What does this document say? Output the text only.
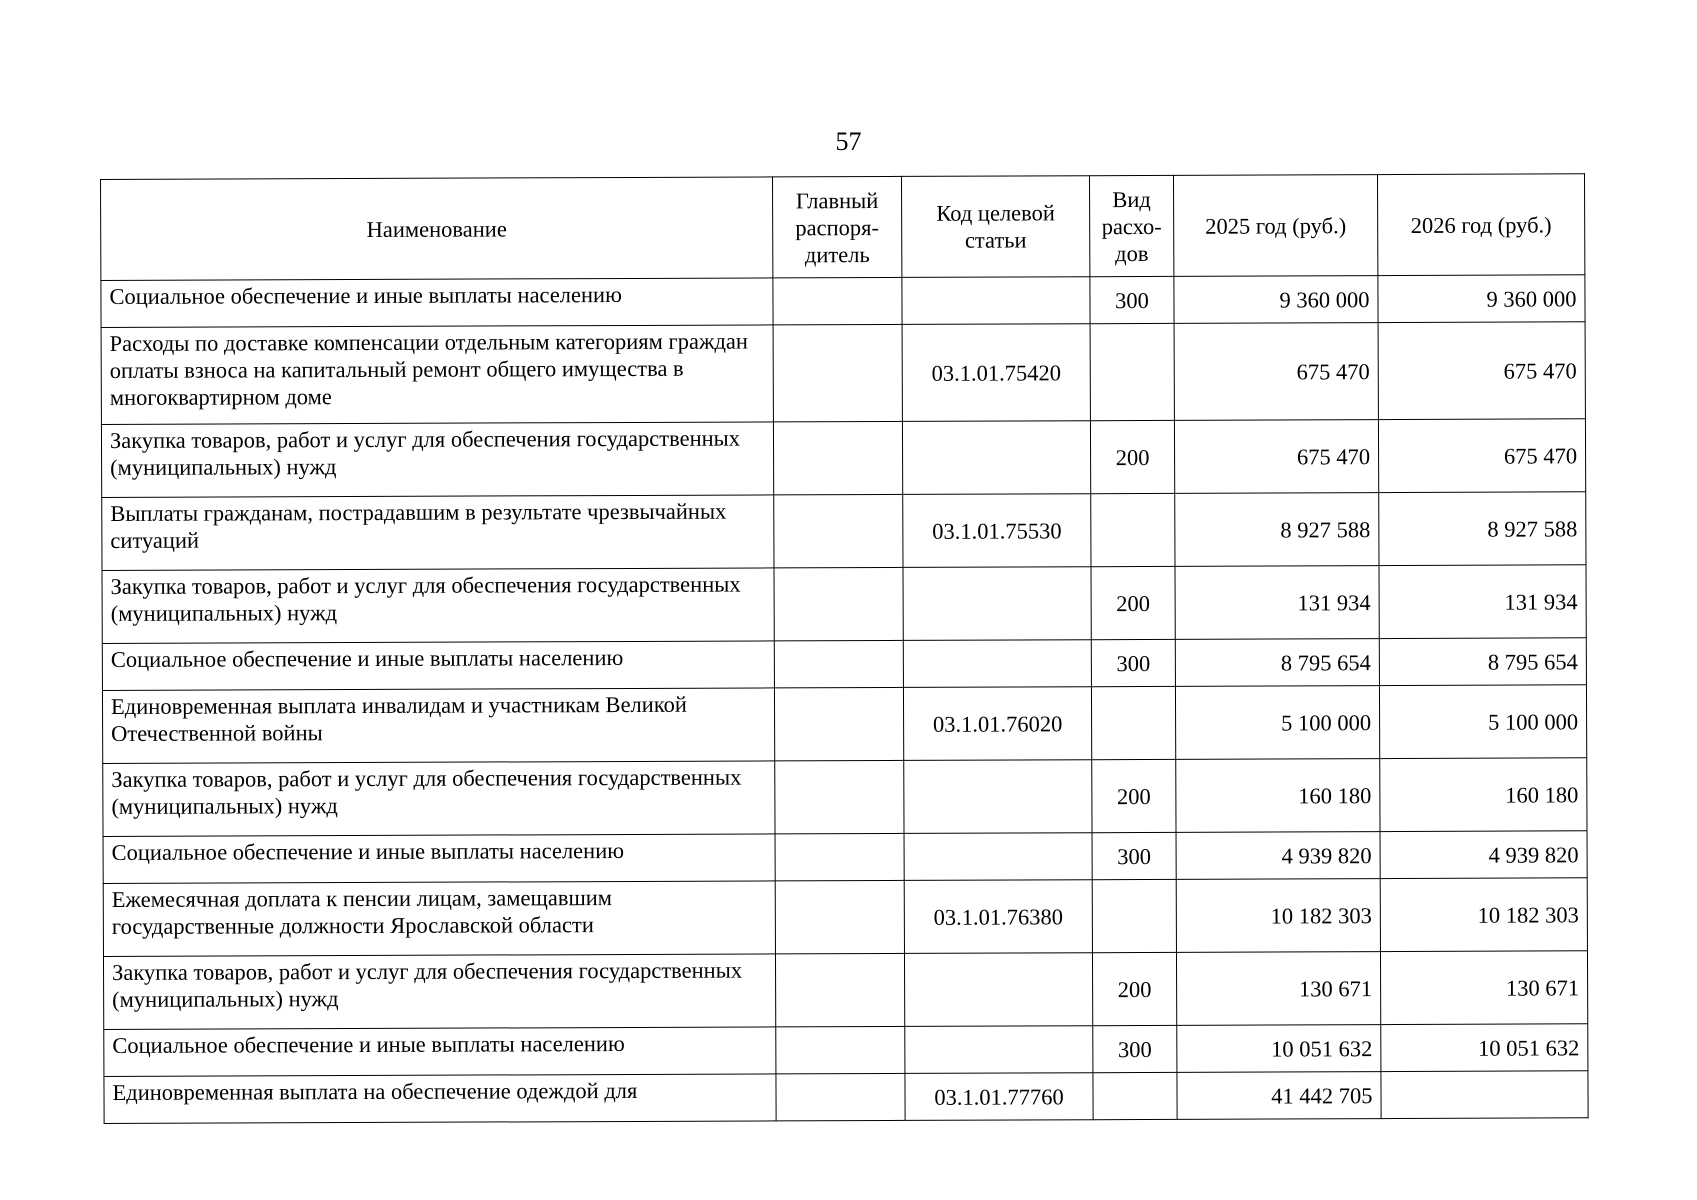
57
Наименование	Главный распоря-дитель	Код целевой статьи	Вид расхо-дов	2025 год (руб.)	2026 год (руб.)
Социальное обеспечение и иные выплаты населению			300	9 360 000	9 360 000
Расходы по доставке компенсации отдельным категориям граждан оплаты взноса на капитальный ремонт общего имущества в многоквартирном доме		03.1.01.75420		675 470	675 470
Закупка товаров, работ и услуг для обеспечения государственных (муниципальных) нужд			200	675 470	675 470
Выплаты гражданам, пострадавшим в результате чрезвычайных ситуаций		03.1.01.75530		8 927 588	8 927 588
Закупка товаров, работ и услуг для обеспечения государственных (муниципальных) нужд			200	131 934	131 934
Социальное обеспечение и иные выплаты населению			300	8 795 654	8 795 654
Единовременная выплата инвалидам и участникам Великой Отечественной войны		03.1.01.76020		5 100 000	5 100 000
Закупка товаров, работ и услуг для обеспечения государственных (муниципальных) нужд			200	160 180	160 180
Социальное обеспечение и иные выплаты населению			300	4 939 820	4 939 820
Ежемесячная доплата к пенсии лицам, замещавшим государственные должности Ярославской области		03.1.01.76380		10 182 303	10 182 303
Закупка товаров, работ и услуг для обеспечения государственных (муниципальных) нужд			200	130 671	130 671
Социальное обеспечение и иные выплаты населению			300	10 051 632	10 051 632
Единовременная выплата на обеспечение одеждой для		03.1.01.77760		41 442 705	
